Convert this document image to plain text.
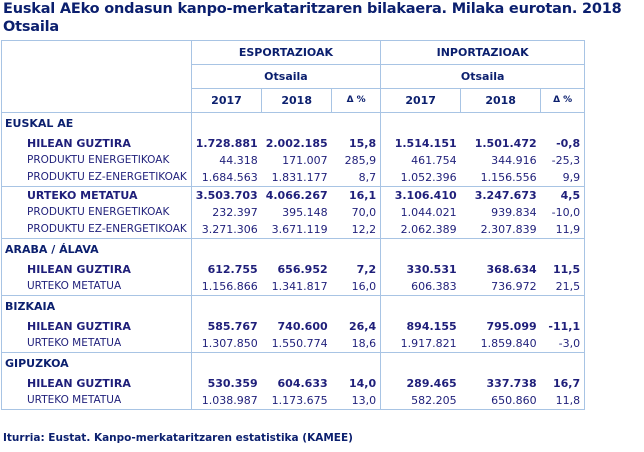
Euskal AEko ondasun kanpo-merkataritzaren bilakaera. Milaka eurotan. 2018
Otsaila
	ESPORTAZIOAK			INPORTAZIOAK		
	Otsaila			Otsaila		
	2017	2018	Δ %	2017	2018	Δ %
EUSKAL AE						
HILEAN GUZTIRA	1.728.881	2.002.185	15,8	1.514.151	1.501.472	-0,8
PRODUKTU ENERGETIKOAK	44.318	171.007	285,9	461.754	344.916	-25,3
PRODUKTU EZ-ENERGETIKOAK	1.684.563	1.831.177	8,7	1.052.396	1.156.556	9,9
URTEKO METATUA	3.503.703	4.066.267	16,1	3.106.410	3.247.673	4,5
PRODUKTU ENERGETIKOAK	232.397	395.148	70,0	1.044.021	939.834	-10,0
PRODUKTU EZ-ENERGETIKOAK	3.271.306	3.671.119	12,2	2.062.389	2.307.839	11,9
ARABA / ÁLAVA						
HILEAN GUZTIRA	612.755	656.952	7,2	330.531	368.634	11,5
URTEKO METATUA	1.156.866	1.341.817	16,0	606.383	736.972	21,5
BIZKAIA						
HILEAN GUZTIRA	585.767	740.600	26,4	894.155	795.099	-11,1
URTEKO METATUA	1.307.850	1.550.774	18,6	1.917.821	1.859.840	-3,0
GIPUZKOA						
HILEAN GUZTIRA	530.359	604.633	14,0	289.465	337.738	16,7
URTEKO METATUA	1.038.987	1.173.675	13,0	582.205	650.860	11,8
Iturria: Eustat. Kanpo-merkataritzaren estatistika (KAMEE)
